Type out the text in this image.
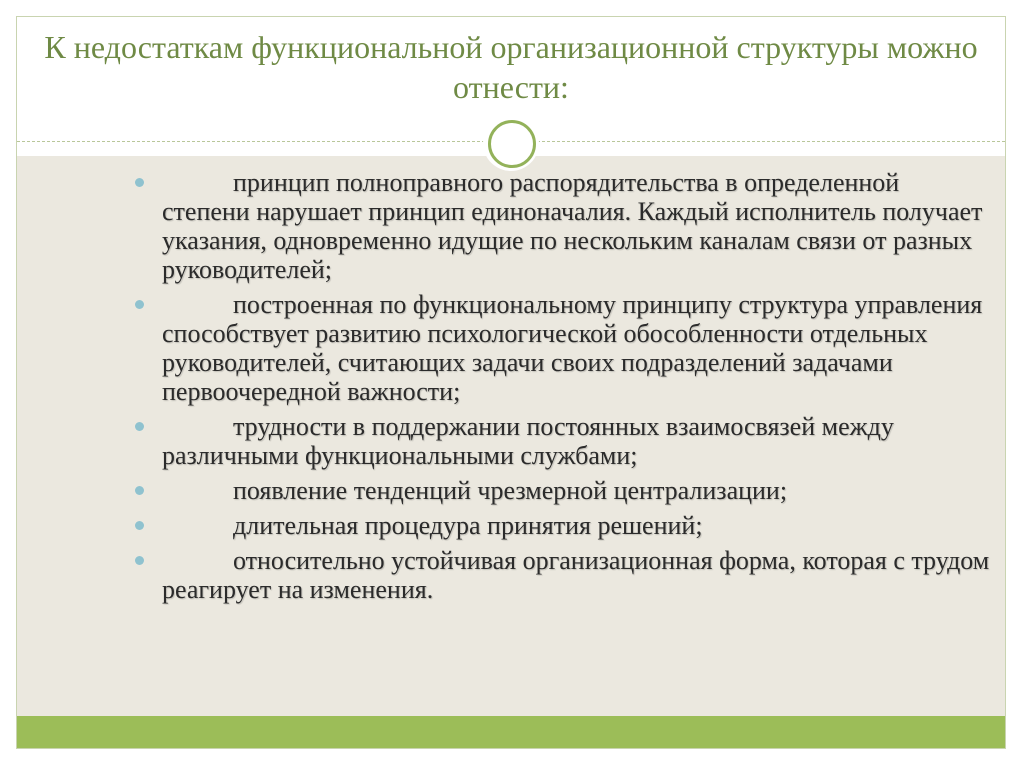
К недостаткам функциональной организационной структуры можно отнести:
принцип полноправного распорядительства в определенной степени нарушает принцип единоначалия. Каждый исполнитель получает указания, одновременно идущие по нескольким каналам связи от разных руководителей;
построенная по функциональному принципу структура управления способствует развитию психологической обособленности отдельных руководителей, считающих задачи своих подразделений задачами первоочередной важности;
трудности в поддержании постоянных взаимосвязей между различными функциональными службами;
появление тенденций чрезмерной централизации;
длительная процедура принятия решений;
относительно устойчивая организационная форма, которая с трудом реагирует на изменения.
